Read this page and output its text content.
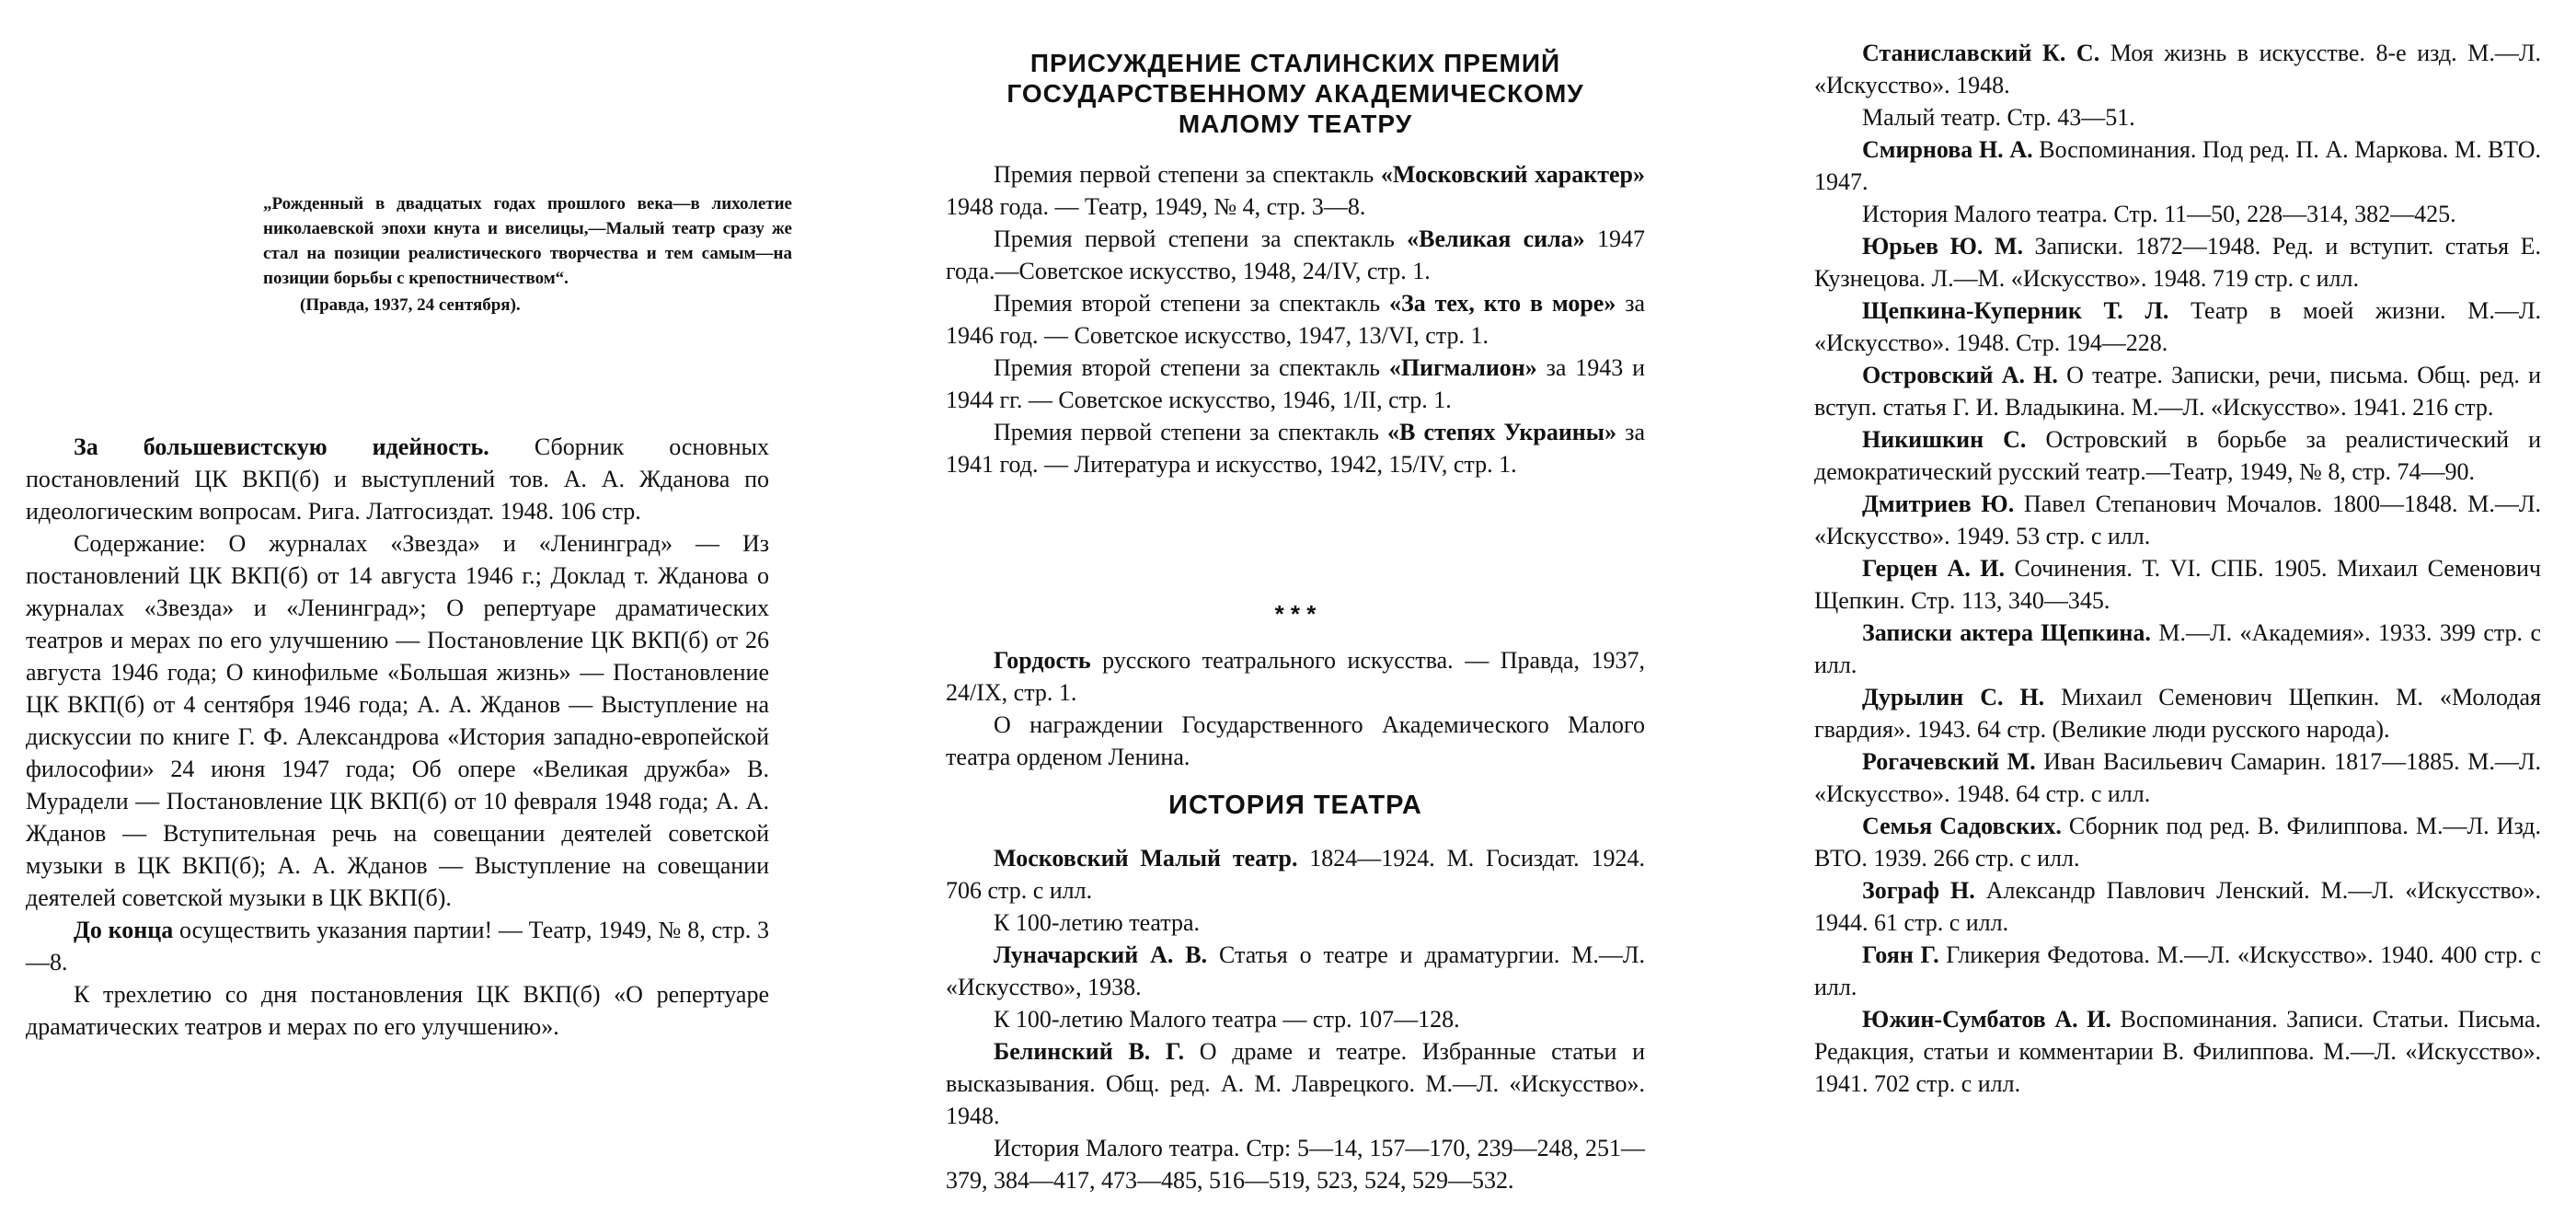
„Рожденный в двадцатых годах прошлого века—в лихолетие николаевской эпохи кнута и виселицы,—Малый театр сразу же стал на позиции реалистического творчества и тем самым—на позиции борьбы с крепостничеством“.
(Правда, 1937, 24 сентября).

За большевистскую идейность. Сборник основных постановлений ЦК ВКП(б) и выступлений тов. А. А. Жданова по идеологическим вопросам. Рига. Латгосиздат. 1948. 106 стр.

Содержание: О журналах «Звезда» и «Ленинград» — Из постановлений ЦК ВКП(б) от 14 августа 1946 г.; Доклад т. Жданова о журналах «Звезда» и «Ленинград»; О репертуаре драматических театров и мерах по его улучшению — Постановление ЦК ВКП(б) от 26 августа 1946 года; О кинофильме «Большая жизнь» — Постановление ЦК ВКП(б) от 4 сентября 1946 года; А. А. Жданов — Выступление на дискуссии по книге Г. Ф. Александрова «История западно-европейской философии» 24 июня 1947 года; Об опере «Великая дружба» В. Мурадели — Постановление ЦК ВКП(б) от 10 февраля 1948 года; А. А. Жданов — Вступительная речь на совещании деятелей советской музыки в ЦК ВКП(б); А. А. Жданов — Выступление на совещании деятелей советской музыки в ЦК ВКП(б).

До конца осуществить указания партии! — Театр, 1949, № 8, стр. 3—8.

К трехлетию со дня постановления ЦК ВКП(б) «О репертуаре драматических театров и мерах по его улучшению».

ПРИСУЖДЕНИЕ СТАЛИНСКИХ ПРЕМИЙ ГОСУДАРСТВЕННОМУ АКАДЕМИЧЕСКОМУ МАЛОМУ ТЕАТРУ

Премия первой степени за спектакль «Московский характер» 1948 года. — Театр, 1949, № 4, стр. 3—8.

Премия первой степени за спектакль «Великая сила» 1947 года.—Советское искусство, 1948, 24/IV, стр. 1.

Премия второй степени за спектакль «За тех, кто в море» за 1946 год. — Советское искусство, 1947, 13/VI, стр. 1.

Премия второй степени за спектакль «Пигмалион» за 1943 и 1944 гг. — Советское искусство, 1946, 1/II, стр. 1.

Премия первой степени за спектакль «В степях Украины» за 1941 год. — Литература и искусство, 1942, 15/IV, стр. 1.

* * *

Гордость русского театрального искусства. — Правда, 1937, 24/IX, стр. 1.

О награждении Государственного Академического Малого театра орденом Ленина.

ИСТОРИЯ ТЕАТРА

Московский Малый театр. 1824—1924. М. Госиздат. 1924. 706 стр. с илл.

К 100-летию театра.

Луначарский А. В. Статья о театре и драматургии. М.—Л. «Искусство», 1938.

К 100-летию Малого театра — стр. 107—128.

Белинский В. Г. О драме и театре. Избранные статьи и высказывания. Общ. ред. А. М. Лаврецкого. М.—Л. «Искусство». 1948.

История Малого театра. Стр: 5—14, 157—170, 239—248, 251—379, 384—417, 473—485, 516—519, 523, 524, 529—532.

Станиславский К. С. Моя жизнь в искусстве. 8-е изд. М.—Л. «Искусство». 1948.

Малый театр. Стр. 43—51.

Смирнова Н. А. Воспоминания. Под ред. П. А. Маркова. М. ВТО. 1947.

История Малого театра. Стр. 11—50, 228—314, 382—425.

Юрьев Ю. М. Записки. 1872—1948. Ред. и вступит. статья Е. Кузнецова. Л.—М. «Искусство». 1948. 719 стр. с илл.

Щепкина-Куперник Т. Л. Театр в моей жизни. М.—Л. «Искусство». 1948. Стр. 194—228.

Островский А. Н. О театре. Записки, речи, письма. Общ. ред. и вступ. статья Г. И. Владыкина. М.—Л. «Искусство». 1941. 216 стр.

Никишкин С. Островский в борьбе за реалистический и демократический русский театр.—Театр, 1949, № 8, стр. 74—90.

Дмитриев Ю. Павел Степанович Мочалов. 1800—1848. М.—Л. «Искусство». 1949. 53 стр. с илл.

Герцен А. И. Сочинения. Т. VI. СПБ. 1905. Михаил Семенович Щепкин. Стр. 113, 340—345.

Записки актера Щепкина. М.—Л. «Академия». 1933. 399 стр. с илл.

Дурылин С. Н. Михаил Семенович Щепкин. М. «Молодая гвардия». 1943. 64 стр. (Великие люди русского народа).

Рогачевский М. Иван Васильевич Самарин. 1817—1885. М.—Л. «Искусство». 1948. 64 стр. с илл.

Семья Садовских. Сборник под ред. В. Филиппова. М.—Л. Изд. ВТО. 1939. 266 стр. с илл.

Зограф Н. Александр Павлович Ленский. М.—Л. «Искусство». 1944. 61 стр. с илл.

Гоян Г. Гликерия Федотова. М.—Л. «Искусство». 1940. 400 стр. с илл.

Южин-Сумбатов А. И. Воспоминания. Записи. Статьи. Письма. Редакция, статьи и комментарии В. Филиппова. М.—Л. «Искусство». 1941. 702 стр. с илл.
